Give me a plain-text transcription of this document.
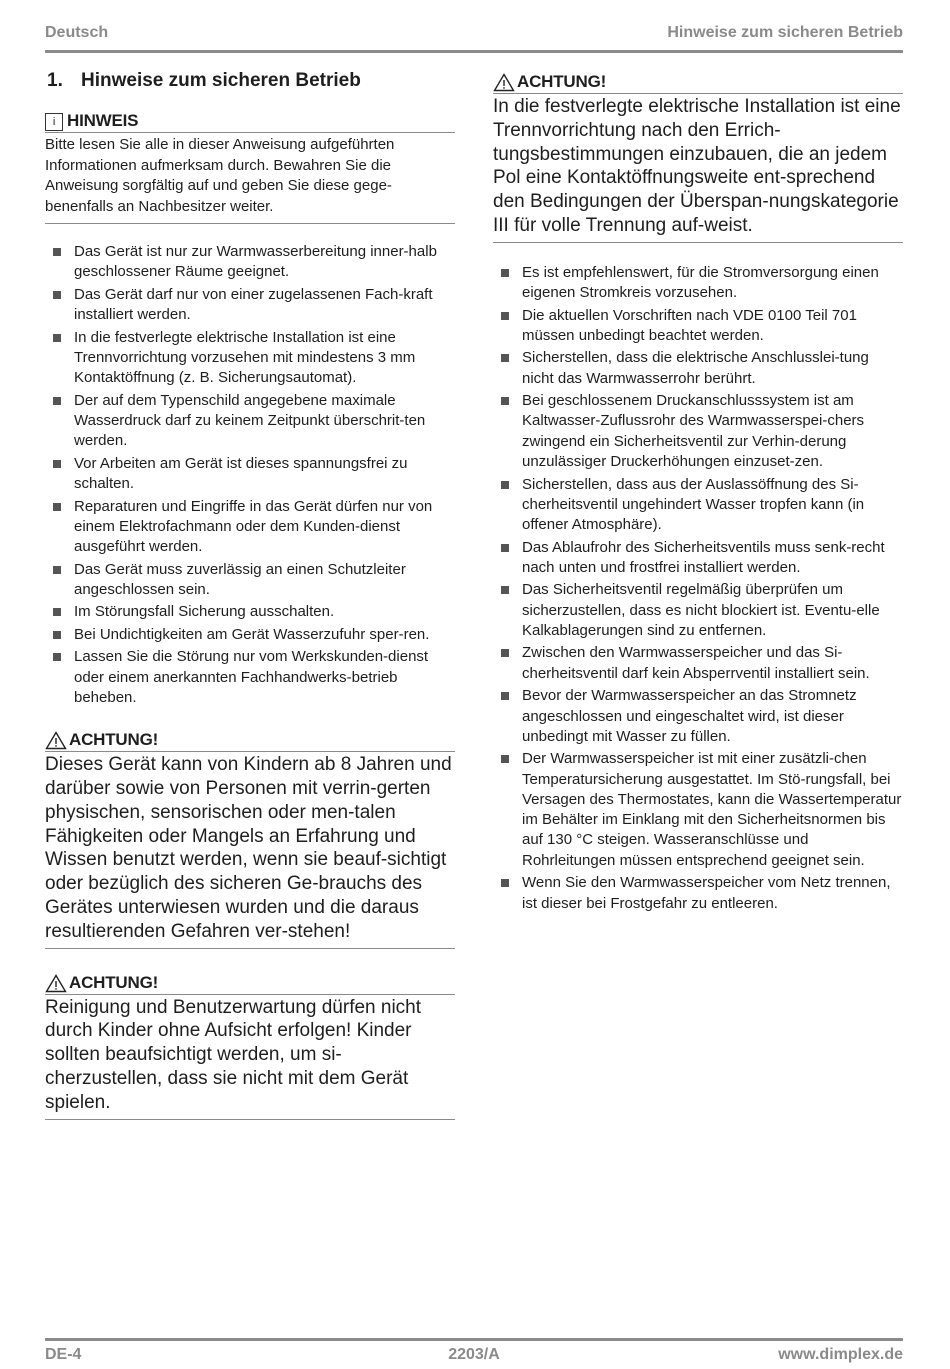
Deutsch	Hinweise zum sicheren Betrieb
1. Hinweise zum sicheren Betrieb
i HINWEIS
Bitte lesen Sie alle in dieser Anweisung aufgeführten Informationen aufmerksam durch. Bewahren Sie die Anweisung sorgfältig auf und geben Sie diese gege-benenfalls an Nachbesitzer weiter.
Das Gerät ist nur zur Warmwasserbereitung inner-halb geschlossener Räume geeignet.
Das Gerät darf nur von einer zugelassenen Fach-kraft installiert werden.
In die festverlegte elektrische Installation ist eine Trennvorrichtung vorzusehen mit mindestens 3 mm Kontaktöffnung (z. B. Sicherungsautomat).
Der auf dem Typenschild angegebene maximale Wasserdruck darf zu keinem Zeitpunkt überschrit-ten werden.
Vor Arbeiten am Gerät ist dieses spannungsfrei zu schalten.
Reparaturen und Eingriffe in das Gerät dürfen nur von einem Elektrofachmann oder dem Kunden-dienst ausgeführt werden.
Das Gerät muss zuverlässig an einen Schutzleiter angeschlossen sein.
Im Störungsfall Sicherung ausschalten.
Bei Undichtigkeiten am Gerät Wasserzufuhr sper-ren.
Lassen Sie die Störung nur vom Werkskunden-dienst oder einem anerkannten Fachhandwerks-betrieb beheben.
ACHTUNG!
Dieses Gerät kann von Kindern ab 8 Jahren und darüber sowie von Personen mit verrin-gerten physischen, sensorischen oder men-talen Fähigkeiten oder Mangels an Erfahrung und Wissen benutzt werden, wenn sie beauf-sichtigt oder bezüglich des sicheren Ge-brauchs des Gerätes unterwiesen wurden und die daraus resultierenden Gefahren ver-stehen!
ACHTUNG!
Reinigung und Benutzerwartung dürfen nicht durch Kinder ohne Aufsicht erfolgen! Kinder sollten beaufsichtigt werden, um si-cherzustellen, dass sie nicht mit dem Gerät spielen.
ACHTUNG!
In die festverlegte elektrische Installation ist eine Trennvorrichtung nach den Errich-tungsbestimmungen einzubauen, die an jedem Pol eine Kontaktöffnungsweite ent-sprechend den Bedingungen der Überspan-nungskategorie III für volle Trennung auf-weist.
Es ist empfehlenswert, für die Stromversorgung einen eigenen Stromkreis vorzusehen.
Die aktuellen Vorschriften nach VDE 0100 Teil 701 müssen unbedingt beachtet werden.
Sicherstellen, dass die elektrische Anschlusslei-tung nicht das Warmwasserrohr berührt.
Bei geschlossenem Druckanschlusssystem ist am Kaltwasser-Zuflussrohr des Warmwasserspei-chers zwingend ein Sicherheitsventil zur Verhin-derung unzulässiger Druckerhöhungen einzuset-zen.
Sicherstellen, dass aus der Auslassöffnung des Si-cherheitsventil ungehindert Wasser tropfen kann (in offener Atmosphäre).
Das Ablaufrohr des Sicherheitsventils muss senk-recht nach unten und frostfrei installiert werden.
Das Sicherheitsventil regelmäßig überprüfen um sicherzustellen, dass es nicht blockiert ist. Eventu-elle Kalkablagerungen sind zu entfernen.
Zwischen den Warmwasserspeicher und das Si-cherheitsventil darf kein Absperrventil installiert sein.
Bevor der Warmwasserspeicher an das Stromnetz angeschlossen und eingeschaltet wird, ist dieser unbedingt mit Wasser zu füllen.
Der Warmwasserspeicher ist mit einer zusätzli-chen Temperatursicherung ausgestattet. Im Stö-rungsfall, bei Versagen des Thermostates, kann die Wassertemperatur im Behälter im Einklang mit den Sicherheitsnormen bis auf 130 °C steigen. Wasseranschlüsse und Rohrleitungen müssen entsprechend geeignet sein.
Wenn Sie den Warmwasserspeicher vom Netz trennen, ist dieser bei Frostgefahr zu entleeren.
DE-4	2203/A	www.dimplex.de
